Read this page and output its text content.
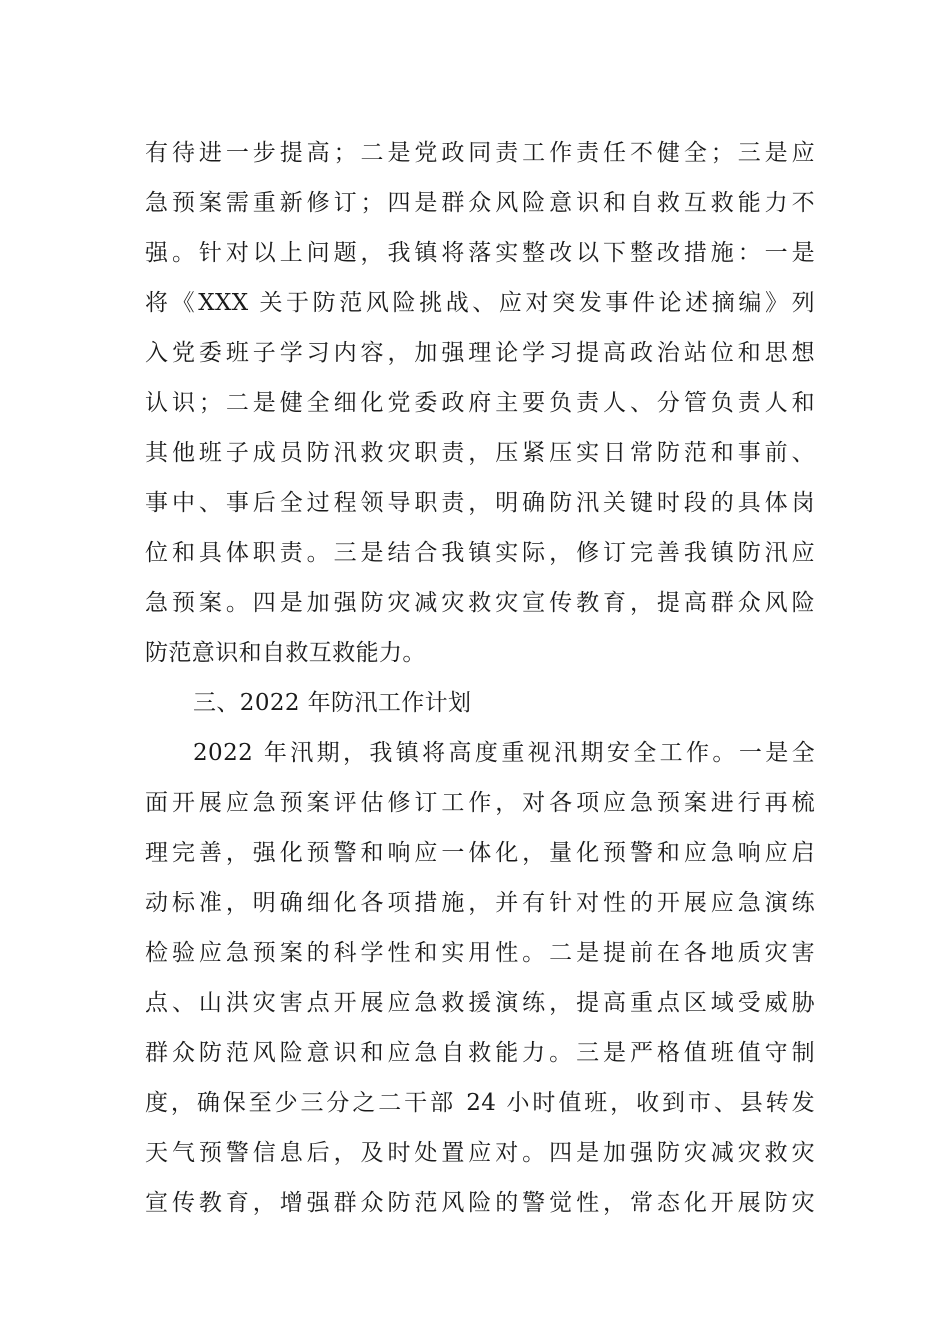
有待进一步提高；二是党政同责工作责任不健全；三是应
急预案需重新修订；四是群众风险意识和自救互救能力不
强。针对以上问题，我镇将落实整改以下整改措施：一是
将《XXX 关于防范风险挑战、应对突发事件论述摘编》列
入党委班子学习内容，加强理论学习提高政治站位和思想
认识；二是健全细化党委政府主要负责人、分管负责人和
其他班子成员防汛救灾职责，压紧压实日常防范和事前、
事中、事后全过程领导职责，明确防汛关键时段的具体岗
位和具体职责。三是结合我镇实际，修订完善我镇防汛应
急预案。四是加强防灾减灾救灾宣传教育，提高群众风险
防范意识和自救互救能力。
三、2022 年防汛工作计划
2022 年汛期，我镇将高度重视汛期安全工作。一是全
面开展应急预案评估修订工作，对各项应急预案进行再梳
理完善，强化预警和响应一体化，量化预警和应急响应启
动标准，明确细化各项措施，并有针对性的开展应急演练
检验应急预案的科学性和实用性。二是提前在各地质灾害
点、山洪灾害点开展应急救援演练，提高重点区域受威胁
群众防范风险意识和应急自救能力。三是严格值班值守制
度，确保至少三分之二干部 24 小时值班，收到市、县转发
天气预警信息后，及时处置应对。四是加强防灾减灾救灾
宣传教育，增强群众防范风险的警觉性，常态化开展防灾
